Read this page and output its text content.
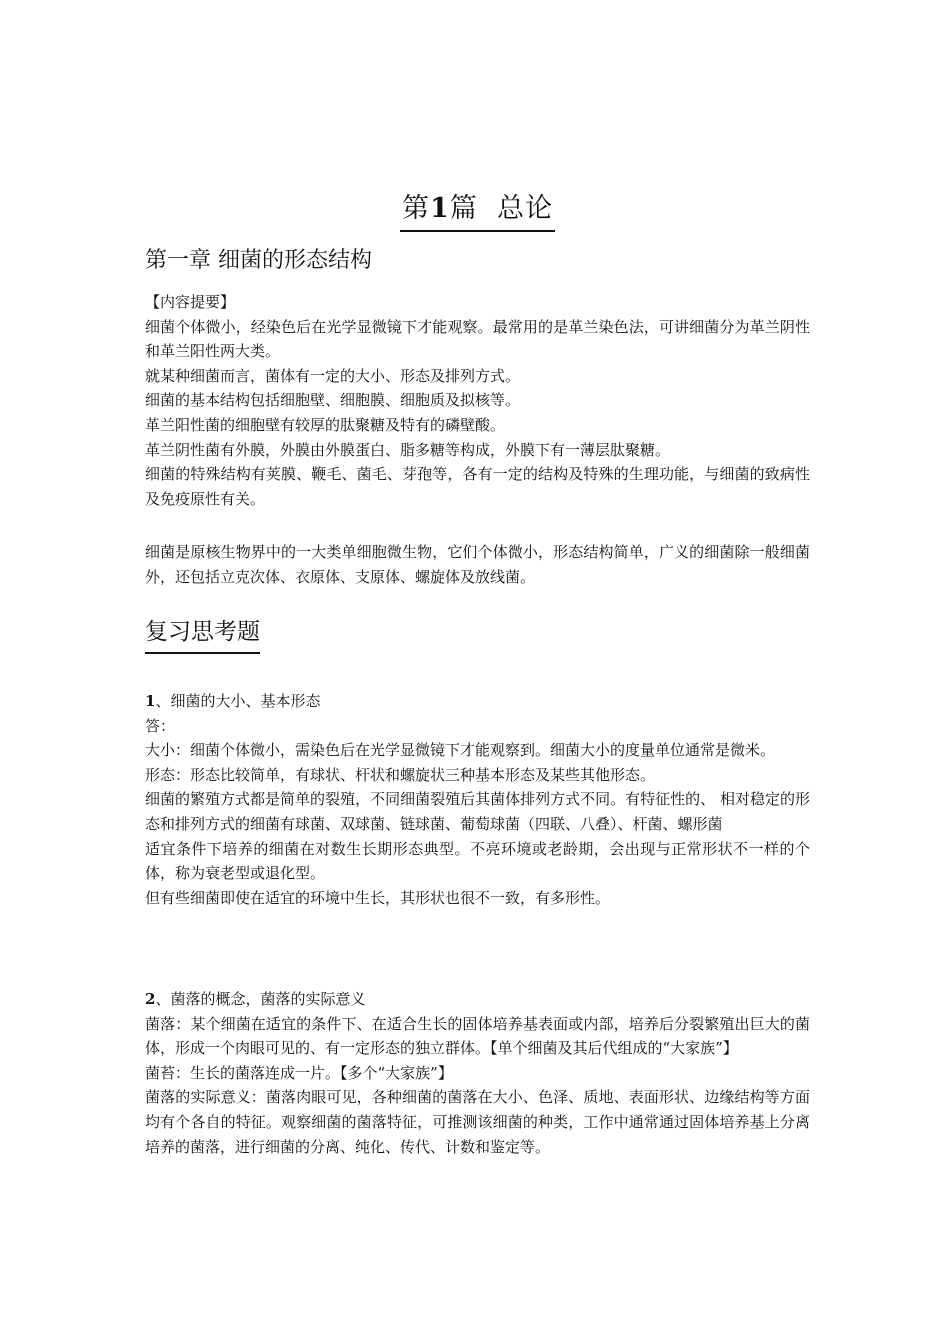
第1篇  总论
第一章 细菌的形态结构

【内容提要】

细菌个体微小，经染色后在光学显微镜下才能观察。最常用的是革兰染色法，可讲细菌分为革兰阴性和革兰阳性两大类。

就某种细菌而言，菌体有一定的大小、形态及排列方式。

细菌的基本结构包括细胞壁、细胞膜、细胞质及拟核等。

革兰阳性菌的细胞壁有较厚的肽聚糖及特有的磷壁酸。

革兰阴性菌有外膜，外膜由外膜蛋白、脂多糖等构成，外膜下有一薄层肽聚糖。

细菌的特殊结构有荚膜、鞭毛、菌毛、芽孢等，各有一定的结构及特殊的生理功能，与细菌的致病性及免疫原性有关。

细菌是原核生物界中的一大类单细胞微生物，它们个体微小，形态结构简单，广义的细菌除一般细菌外，还包括立克次体、衣原体、支原体、螺旋体及放线菌。

复习思考题

1、细菌的大小、基本形态

答：

大小：细菌个体微小，需染色后在光学显微镜下才能观察到。细菌大小的度量单位通常是微米。

形态：形态比较简单，有球状、杆状和螺旋状三种基本形态及某些其他形态。

细菌的繁殖方式都是简单的裂殖，不同细菌裂殖后其菌体排列方式不同。有特征性的、 相对稳定的形态和排列方式的细菌有球菌、双球菌、链球菌、葡萄球菌（四联、八叠）、杆菌、螺形菌

适宜条件下培养的细菌在对数生长期形态典型。不亮环境或老龄期，会出现与正常形状不一样的个体，称为衰老型或退化型。

但有些细菌即使在适宜的环境中生长，其形状也很不一致，有多形性。

2、菌落的概念，菌落的实际意义

菌落：某个细菌在适宜的条件下、在适合生长的固体培养基表面或内部，培养后分裂繁殖出巨大的菌体，形成一个肉眼可见的、有一定形态的独立群体。【单个细菌及其后代组成的“大家族”】

菌苔：生长的菌落连成一片。【多个“大家族”】

菌落的实际意义：菌落肉眼可见，各种细菌的菌落在大小、色泽、质地、表面形状、边缘结构等方面均有个各自的特征。观察细菌的菌落特征，可推测该细菌的种类，工作中通常通过固体培养基上分离培养的菌落，进行细菌的分离、纯化、传代、计数和鉴定等。
